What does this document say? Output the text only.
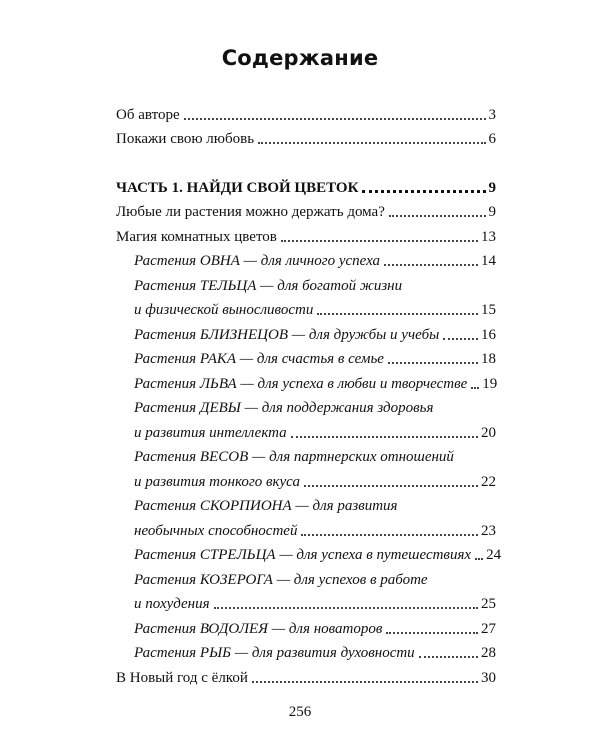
Содержание
Об авторе	3
Покажи свою любовь	6
ЧАСТЬ 1. НАЙДИ СВОЙ ЦВЕТОК	9
Любые ли растения можно держать дома?	9
Магия комнатных цветов	13
Растения ОВНА — для личного успеха	14
Растения ТЕЛЬЦА — для богатой жизни
и физической выносливости	15
Растения БЛИЗНЕЦОВ — для дружбы и учебы	16
Растения РАКА — для счастья в семье	18
Растения ЛЬВА — для успеха в любви и творчестве 19
Растения ДЕВЫ — для поддержания здоровья
и развития интеллекта	20
Растения ВЕСОВ — для партнерских отношений
и развития тонкого вкуса	22
Растения СКОРПИОНА — для развития
необычных способностей	23
Растения СТРЕЛЬЦА — для успеха в путешествиях 24
Растения КОЗЕРОГА — для успехов в работе
и похудения	25
Растения ВОДОЛЕЯ — для новаторов	27
Растения РЫБ — для развития духовности	28
В Новый год с ёлкой	30
256
